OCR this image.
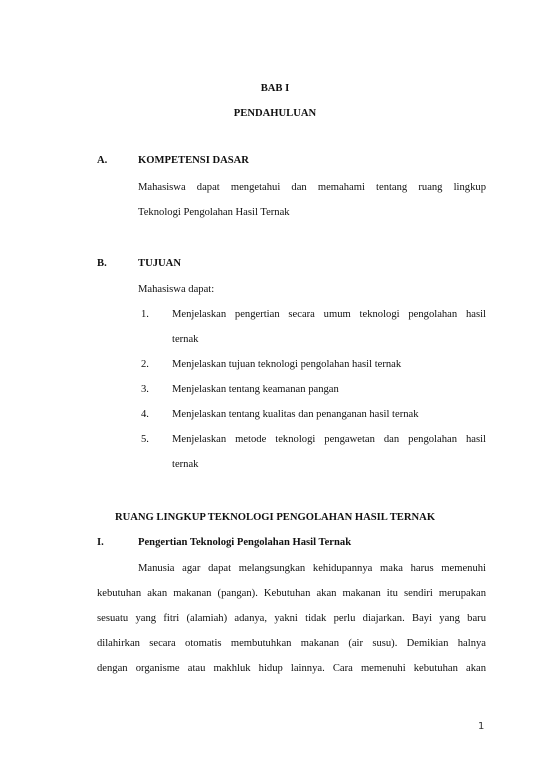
BAB I
PENDAHULUAN
A.	KOMPETENSI DASAR
Mahasiswa dapat mengetahui dan memahami tentang ruang lingkup
Teknologi Pengolahan Hasil Ternak
B.	TUJUAN
Mahasiswa dapat:
1. Menjelaskan pengertian secara umum teknologi pengolahan hasil
ternak
2. Menjelaskan tujuan teknologi pengolahan hasil ternak
3. Menjelaskan tentang keamanan pangan
4. Menjelaskan tentang kualitas dan penanganan hasil ternak
5. Menjelaskan metode teknologi pengawetan dan pengolahan hasil
ternak
RUANG LINGKUP TEKNOLOGI PENGOLAHAN HASIL TERNAK
I.	Pengertian Teknologi Pengolahan Hasil Ternak
Manusia agar dapat melangsungkan kehidupannya maka harus memenuhi
kebutuhan akan makanan (pangan). Kebutuhan akan makanan itu sendiri merupakan
sesuatu yang fitri (alamiah) adanya, yakni tidak perlu diajarkan. Bayi yang baru
dilahirkan secara otomatis membutuhkan makanan (air susu). Demikian halnya
dengan organisme atau makhluk hidup lainnya. Cara memenuhi kebutuhan akan
1
